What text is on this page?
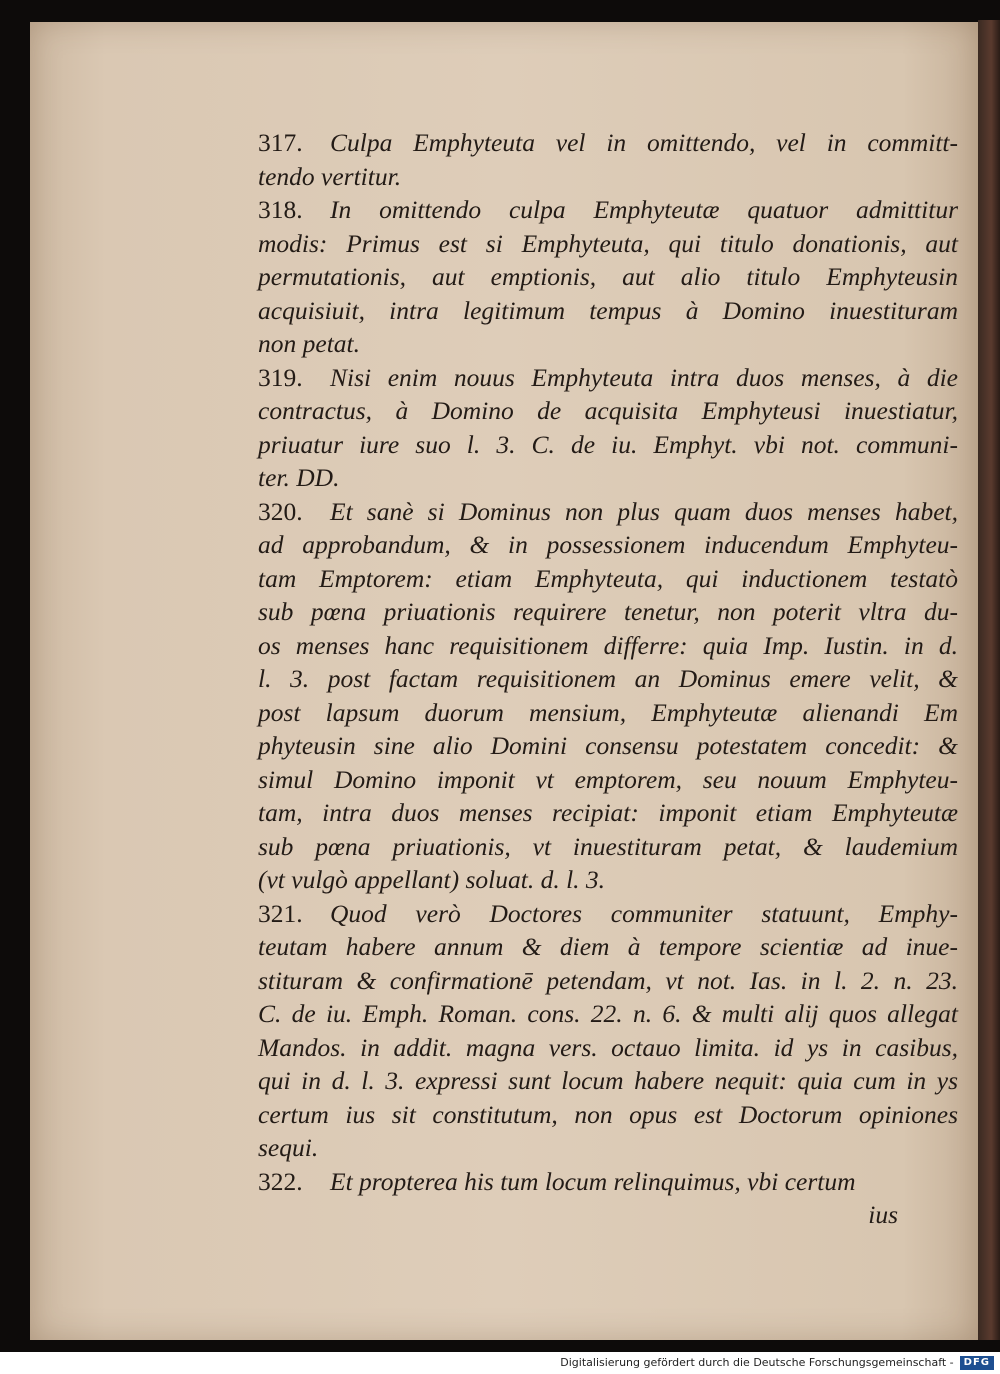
317. Culpa Emphyteuta vel in omittendo, vel in committ-
tendo vertitur.
318. In omittendo culpa Emphyteutæ quatuor admittitur
modis: Primus est si Emphyteuta, qui titulo donationis, aut
permutationis, aut emptionis, aut alio titulo Emphyteusin
acquisiuit, intra legitimum tempus à Domino inuestituram
non petat.
319. Nisi enim nouus Emphyteuta intra duos menses, à die
contractus, à Domino de acquisita Emphyteusi inuestiatur,
priuatur iure suo l. 3. C. de iu. Emphyt. vbi not. communi-
ter. DD.
320. Et sanè si Dominus non plus quam duos menses habet,
ad approbandum, & in possessionem inducendum Emphyteu-
tam Emptorem: etiam Emphyteuta, qui inductionem testatò
sub pœna priuationis requirere tenetur, non poterit vltra du-
os menses hanc requisitionem differre: quia Imp. Iustin. in d.
l. 3. post factam requisitionem an Dominus emere velit, &
post lapsum duorum mensium, Emphyteutæ alienandi Em
phyteusin sine alio Domini consensu potestatem concedit: &
simul Domino imponit vt emptorem, seu nouum Emphyteu-
tam, intra duos menses recipiat: imponit etiam Emphyteutæ
sub pœna priuationis, vt inuestituram petat, & laudemium
(vt vulgò appellant) soluat. d. l. 3.
321. Quod verò Doctores communiter statuunt, Emphy-
teutam habere annum & diem à tempore scientiæ ad inue-
stituram & confirmationē petendam, vt not. Ias. in l. 2. n. 23.
C. de iu. Emph. Roman. cons. 22. n. 6. & multi alij quos allegat
Mandos. in addit. magna vers. octauo limita. id ys in casibus,
qui in d. l. 3. expressi sunt locum habere nequit: quia cum in ys
certum ius sit constitutum, non opus est Doctorum opiniones
sequi.
322. Et propterea his tum locum relinquimus, vbi certum
ius
Digitalisierung gefördert durch die Deutsche Forschungsgemeinschaft - DFG
